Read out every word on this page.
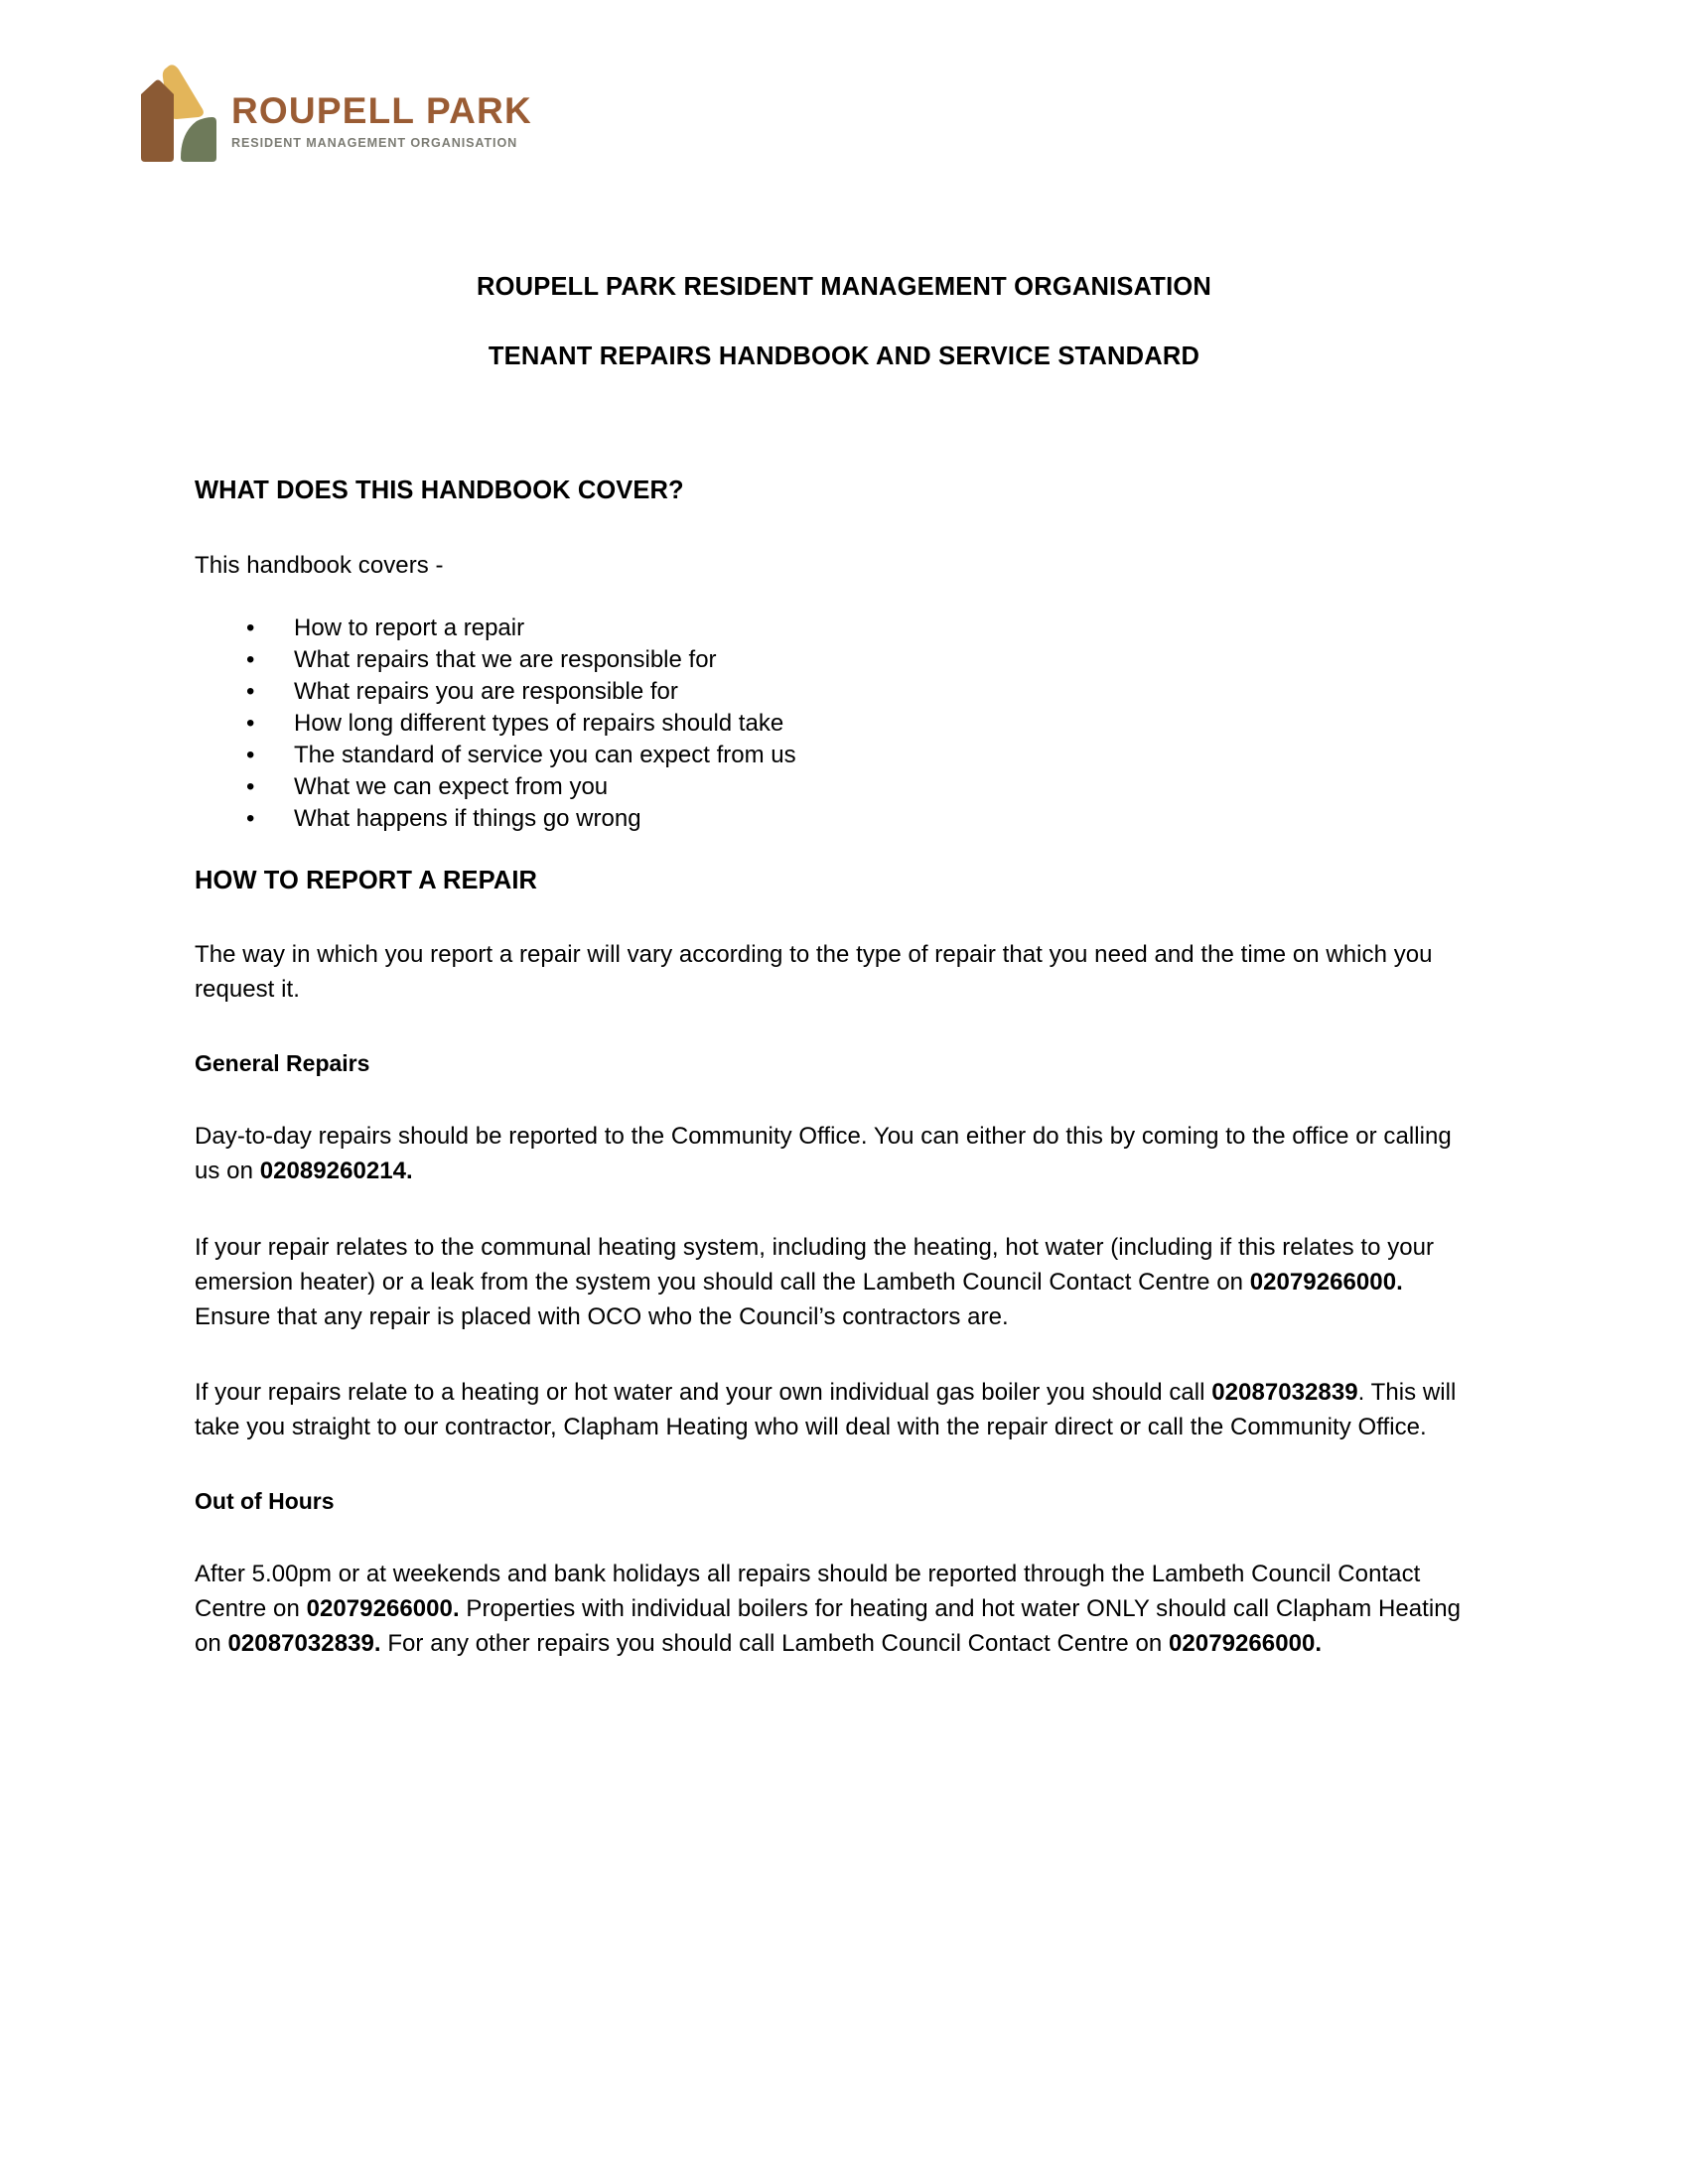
ROUPELL PARK
RESIDENT MANAGEMENT ORGANISATION
ROUPELL PARK RESIDENT MANAGEMENT ORGANISATION
TENANT REPAIRS HANDBOOK AND SERVICE STANDARD
WHAT DOES THIS HANDBOOK COVER?

This handbook covers -

• How to report a repair
• What repairs that we are responsible for
• What repairs you are responsible for
• How long different types of repairs should take
• The standard of service you can expect from us
• What we can expect from you
• What happens if things go wrong
HOW TO REPORT A REPAIR

The way in which you report a repair will vary according to the type of repair that you need and the time on which you request it.

General Repairs

Day-to-day repairs should be reported to the Community Office. You can either do this by coming to the office or calling us on 02089260214.

If your repair relates to the communal heating system, including the heating, hot water (including if this relates to your emersion heater) or a leak from the system you should call the Lambeth Council Contact Centre on 02079266000. Ensure that any repair is placed with OCO who the Council’s contractors are.

If your repairs relate to a heating or hot water and your own individual gas boiler you should call 02087032839. This will take you straight to our contractor, Clapham Heating who will deal with the repair direct or call the Community Office.

Out of Hours

After 5.00pm or at weekends and bank holidays all repairs should be reported through the Lambeth Council Contact Centre on 02079266000. Properties with individual boilers for heating and hot water ONLY should call Clapham Heating on 02087032839. For any other repairs you should call Lambeth Council Contact Centre on 02079266000.
